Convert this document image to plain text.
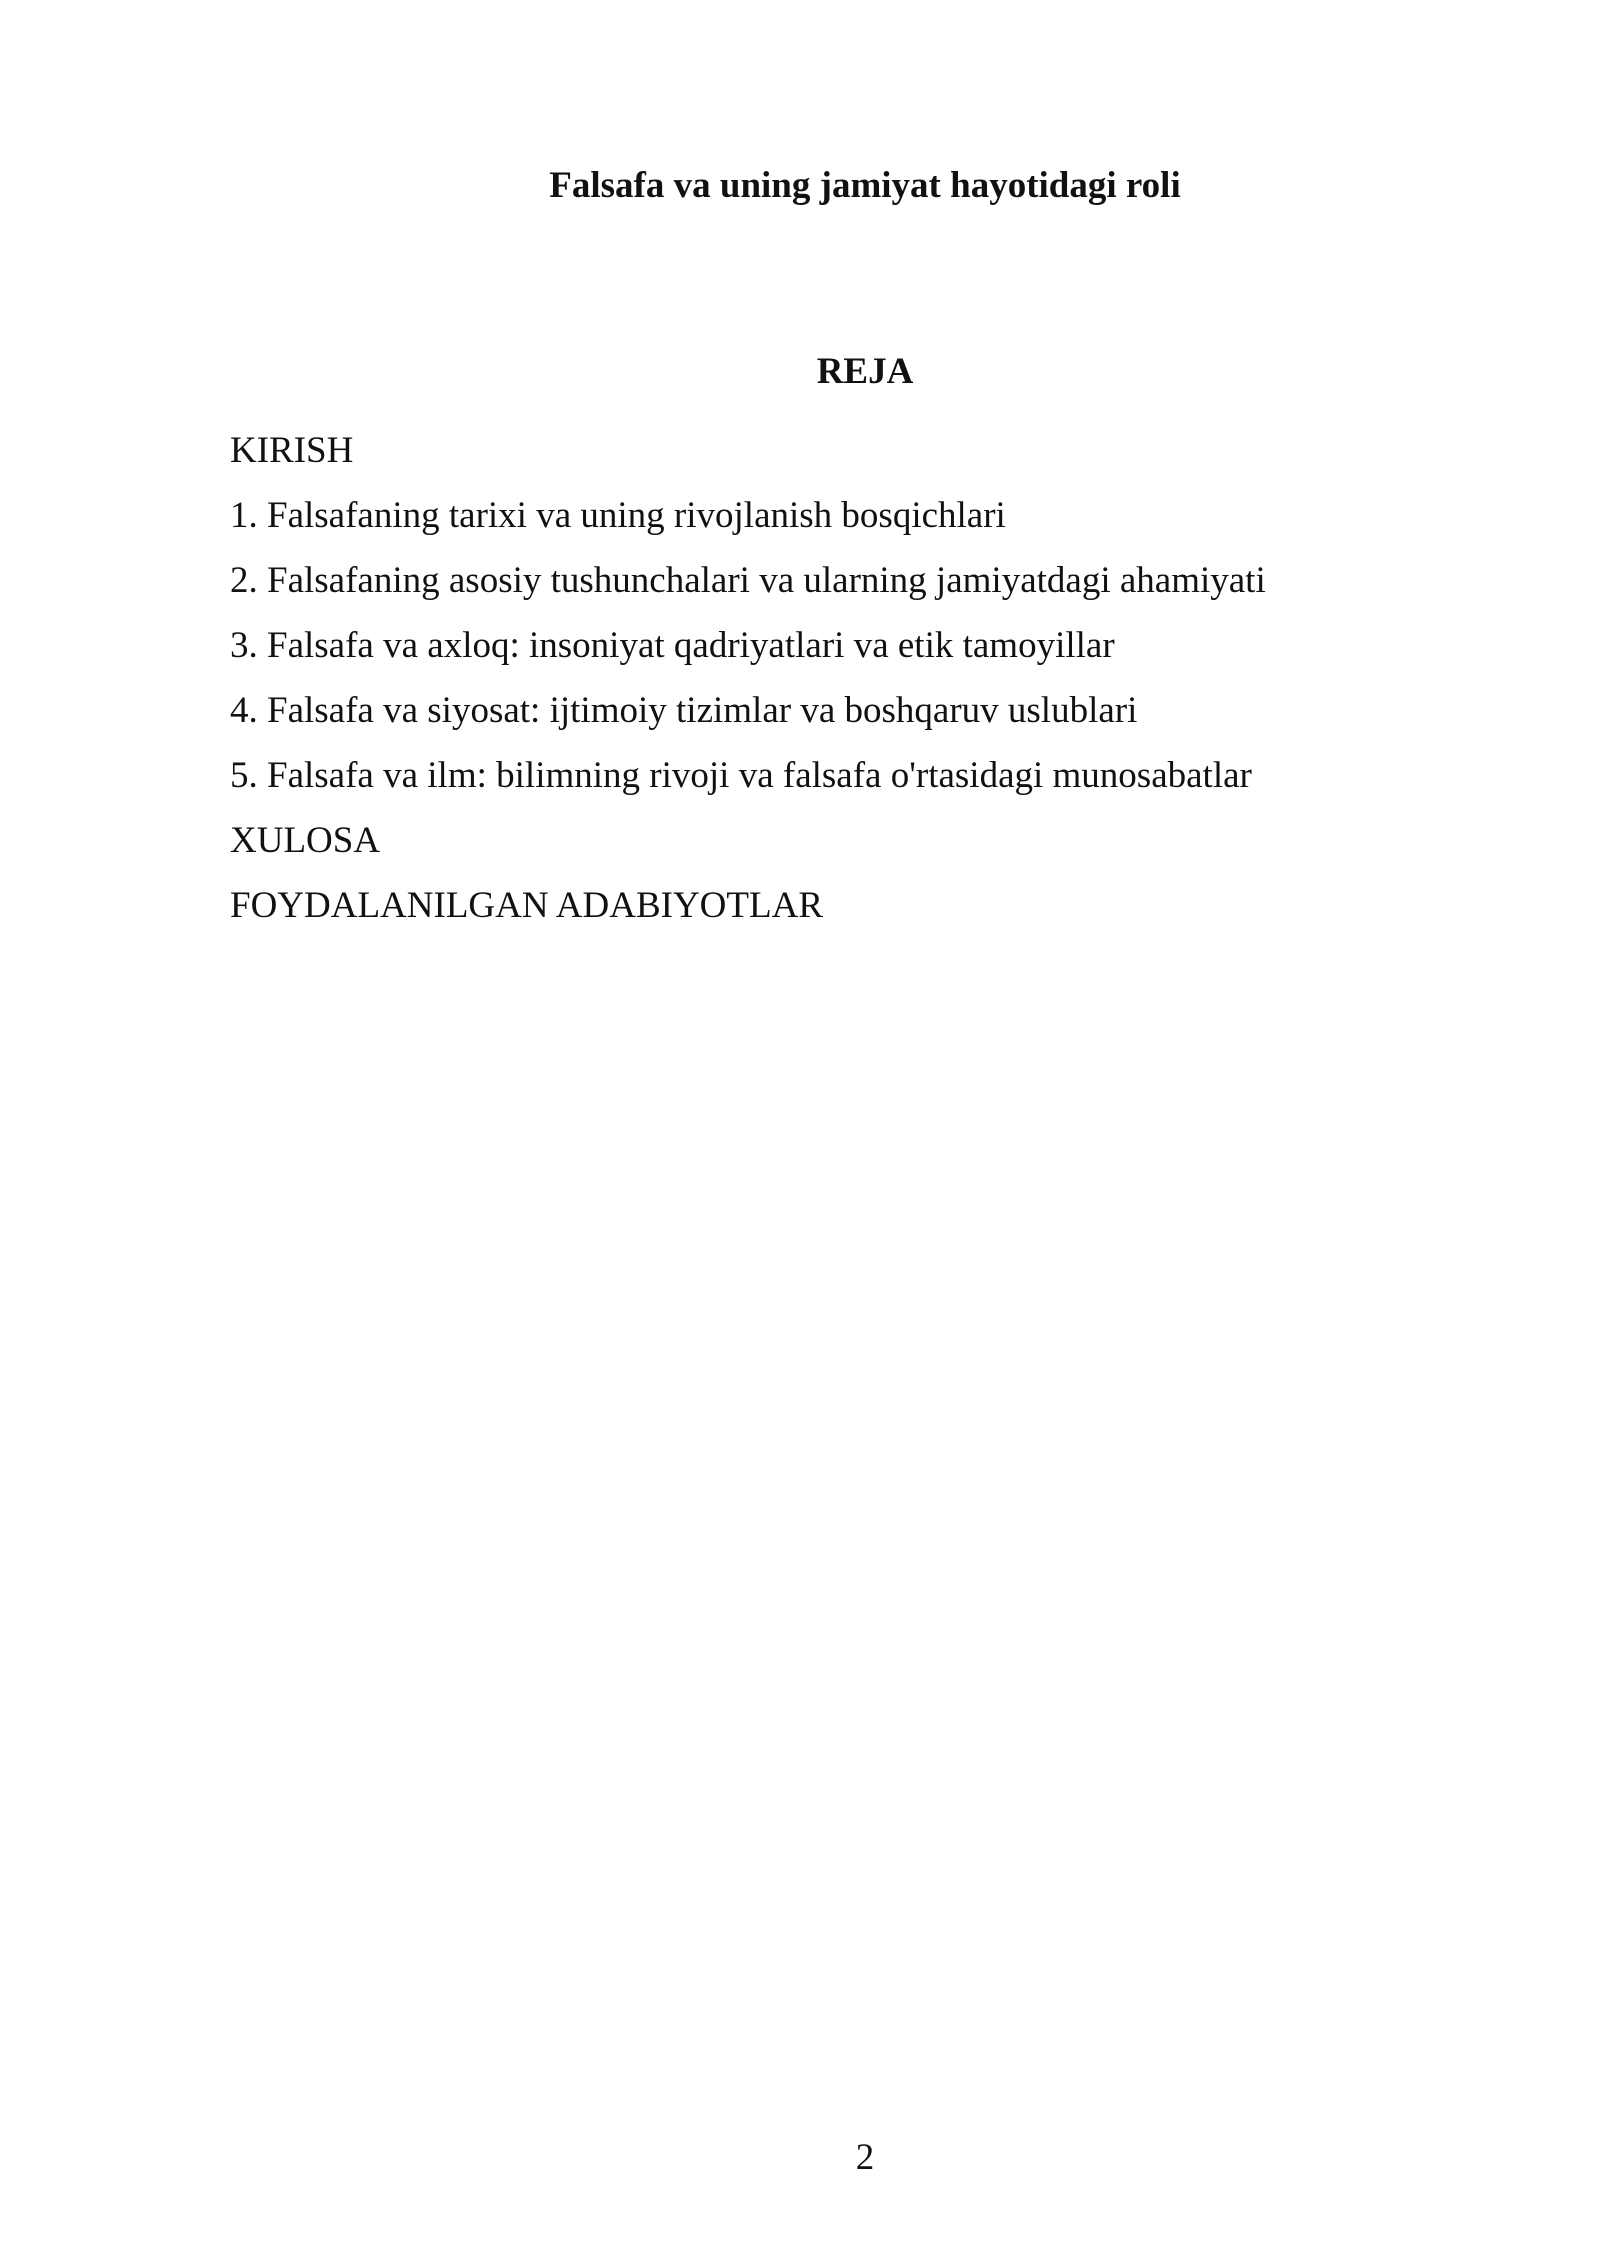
Falsafa va uning jamiyat hayotidagi roli
REJA
KIRISH
1. Falsafaning tarixi va uning rivojlanish bosqichlari
2. Falsafaning asosiy tushunchalari va ularning jamiyatdagi ahamiyati
3. Falsafa va axloq: insoniyat qadriyatlari va etik tamoyillar
4. Falsafa va siyosat: ijtimoiy tizimlar va boshqaruv uslublari
5. Falsafa va ilm: bilimning rivoji va falsafa o'rtasidagi munosabatlar
XULOSA
FOYDALANILGAN ADABIYOTLAR
2
